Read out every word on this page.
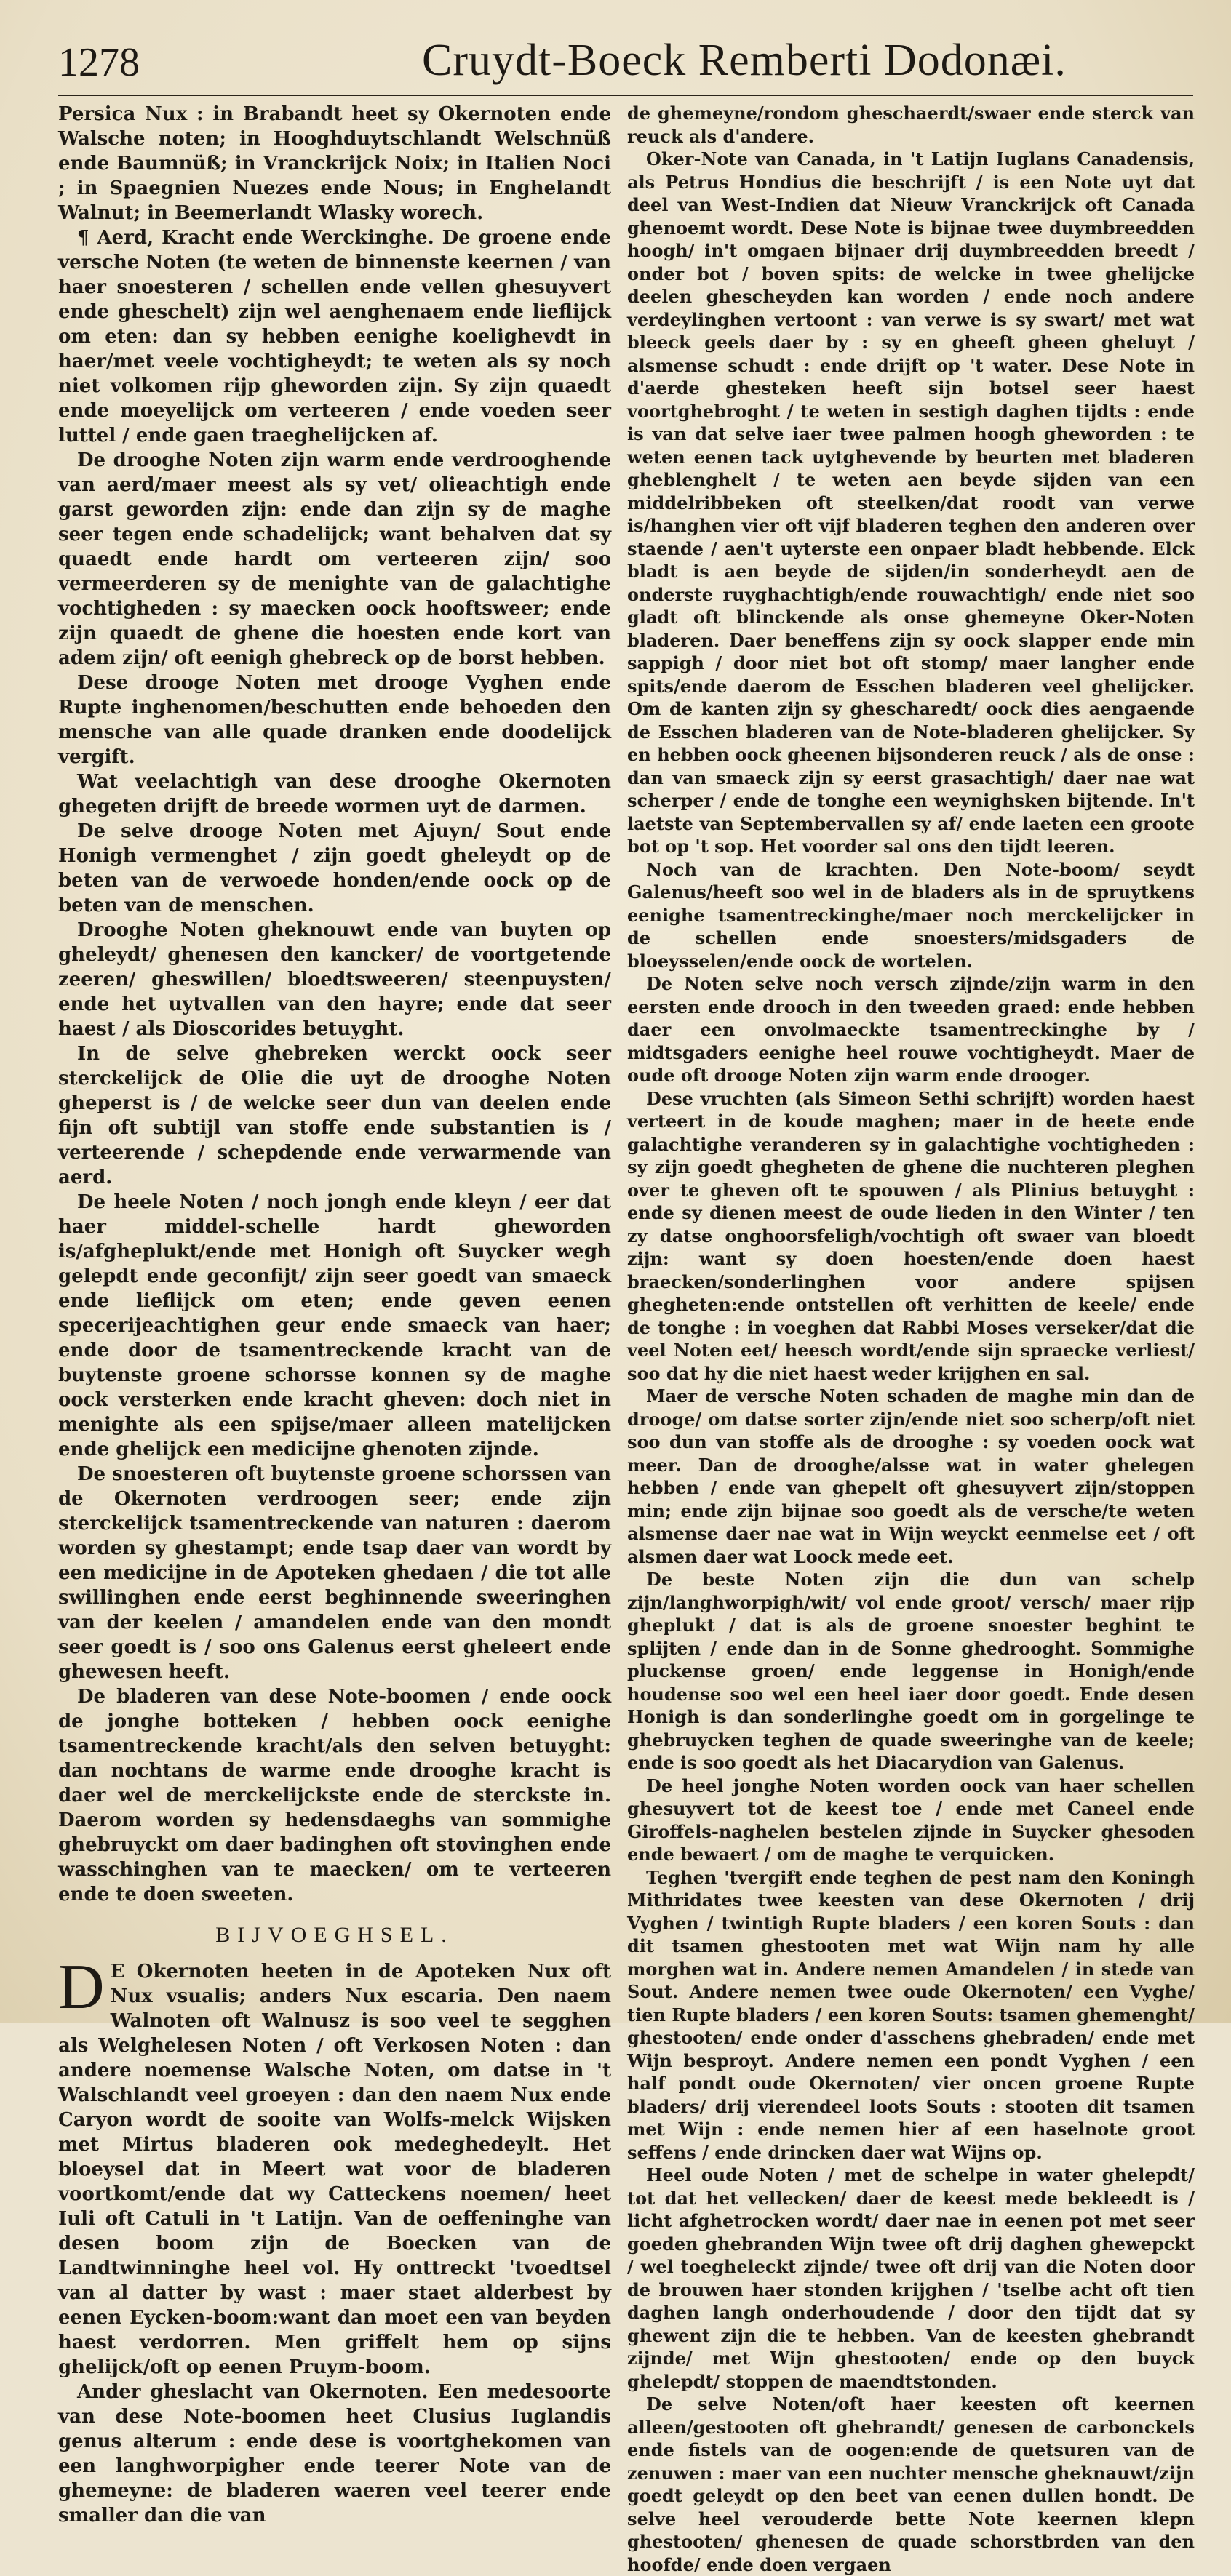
1278	Cruydt-Boeck Remberti Dodonæi.

Persica Nux : in Brabandt heet sy Okernoten ende Walsche noten; in Hooghduytschlandt Welschnüß ende Baumnüß; in Vranckrijck Noix; in Italien Noci ; in Spaegnien Nuezes ende Nous; in Enghelandt Walnut; in Beemerlandt Wlasky worech.

¶ Aerd, Kracht ende Werckinghe. De groene ende versche Noten (te weten de binnenste keernen / van haer snoesteren / schellen ende vellen ghesuyvert ende gheschelt) zijn wel aenghenaem ende lieflijck om eten: dan sy hebben eenighe koelighevdt in haer/met veele vochtigheydt; te weten als sy noch niet volkomen rijp gheworden zijn. Sy zijn quaedt ende moeyelijck om verteeren / ende voeden seer luttel / ende gaen traeghelijcken af.

De drooghe Noten zijn warm ende verdrooghende van aerd/maer meest als sy vet/ olieachtigh ende garst geworden zijn: ende dan zijn sy de maghe seer tegen ende schadelijck; want behalven dat sy quaedt ende hardt om verteeren zijn/ soo vermeerderen sy de menighte van de galachtighe vochtigheden : sy maecken oock hooftsweer; ende zijn quaedt de ghene die hoesten ende kort van adem zijn/ oft eenigh ghebreck op de borst hebben.

Dese drooge Noten met drooge Vyghen ende Rupte inghenomen/beschutten ende behoeden den mensche van alle quade dranken ende doodelijck vergift.

Wat veelachtigh van dese drooghe Okernoten ghegeten drijft de breede wormen uyt de darmen.

De selve drooge Noten met Ajuyn/ Sout ende Honigh vermenghet / zijn goedt gheleydt op de beten van de verwoede honden/ende oock op de beten van de menschen.

Drooghe Noten gheknouwt ende van buyten op gheleydt/ ghenesen den kancker/ de voortgetende zeeren/ gheswillen/ bloedtsweeren/ steenpuysten/ ende het uytvallen van den hayre; ende dat seer haest / als Dioscorides betuyght.

In de selve ghebreken werckt oock seer sterckelijck de Olie die uyt de drooghe Noten gheperst is / de welcke seer dun van deelen ende fijn oft subtijl van stoffe ende substantien is / verteerende / schepdende ende verwarmende van aerd.

De heele Noten / noch jongh ende kleyn / eer dat haer middel-schelle hardt gheworden is/afgheplukt/ende met Honigh oft Suycker wegh gelepdt ende geconfijt/ zijn seer goedt van smaeck ende lieflijck om eten; ende geven eenen specerijeachtighen geur ende smaeck van haer; ende door de tsamentreckende kracht van de buytenste groene schorsse konnen sy de maghe oock versterken ende kracht gheven: doch niet in menighte als een spijse/maer alleen matelijcken ende ghelijck een medicijne ghenoten zijnde.

De snoesteren oft buytenste groene schorssen van de Okernoten verdroogen seer; ende zijn sterckelijck tsamentreckende van naturen : daerom worden sy ghestampt; ende tsap daer van wordt by een medicijne in de Apoteken ghedaen / die tot alle swillinghen ende eerst beghinnende sweeringhen van der keelen / amandelen ende van den mondt seer goedt is / soo ons Galenus eerst gheleert ende ghewesen heeft.

De bladeren van dese Note-boomen / ende oock de jonghe botteken / hebben oock eenighe tsamentreckende kracht/als den selven betuyght: dan nochtans de warme ende drooghe kracht is daer wel de merckelijckste ende de sterckste in. Daerom worden sy hedensdaeghs van sommighe ghebruyckt om daer badinghen oft stovinghen ende wasschinghen van te maecken/ om te verteeren ende te doen sweeten.

BIJVOEGHSEL.

D E Okernoten heeten in de Apoteken Nux oft Nux vsualis; anders Nux escaria. Den naem Walnoten oft Walnusz is soo veel te segghen als Welghelesen Noten / oft Verkosen Noten : dan andere noemense Walsche Noten, om datse in 't Walschlandt veel groeyen : dan den naem Nux ende Caryon wordt de sooite van Wolfs-melck Wijsken met Mirtus bladeren ook medeghedeylt. Het bloeysel dat in Meert wat voor de bladeren voortkomt/ende dat wy Catteckens noemen/ heet Iuli oft Catuli in 't Latijn. Van de oeffeninghe van desen boom zijn de Boecken van de Landtwinninghe heel vol. Hy onttreckt 'tvoedtsel van al datter by wast : maer staet alderbest by eenen Eycken-boom:want dan moet een van beyden haest verdorren. Men griffelt hem op sijns ghelijck/oft op eenen Pruym-boom.

Ander gheslacht van Okernoten. Een medesoorte van dese Note-boomen heet Clusius Iuglandis genus alterum : ende dese is voortghekomen van een langhworpigher ende teerer Note van de ghemeyne: de bladeren waeren veel teerer ende smaller dan die van

de ghemeyne/rondom gheschaerdt/swaer ende sterck van reuck als d'andere.

Oker-Note van Canada, in 't Latijn Iuglans Canadensis, als Petrus Hondius die beschrijft / is een Note uyt dat deel van West-Indien dat Nieuw Vranckrijck oft Canada ghenoemt wordt. Dese Note is bijnae twee duymbreedden hoogh/ in't omgaen bijnaer drij duymbreedden breedt / onder bot / boven spits: de welcke in twee ghelijcke deelen ghescheyden kan worden / ende noch andere verdeylinghen vertoont : van verwe is sy swart/ met wat bleeck geels daer by : sy en gheeft gheen gheluyt / alsmense schudt : ende drijft op 't water. Dese Note in d'aerde ghesteken heeft sijn botsel seer haest voortghebroght / te weten in sestigh daghen tijdts : ende is van dat selve iaer twee palmen hoogh gheworden : te weten eenen tack uytghevende by beurten met bladeren gheblenghelt / te weten aen beyde sijden van een middelribbeken oft steelken/dat roodt van verwe is/hanghen vier oft vijf bladeren teghen den anderen over staende / aen't uyterste een onpaer bladt hebbende. Elck bladt is aen beyde de sijden/in sonderheydt aen de onderste ruyghachtigh/ende rouwachtigh/ ende niet soo gladt oft blinckende als onse ghemeyne Oker-Noten bladeren. Daer beneffens zijn sy oock slapper ende min sappigh / door niet bot oft stomp/ maer langher ende spits/ende daerom de Esschen bladeren veel ghelijcker. Om de kanten zijn sy ghescharedt/ oock dies aengaende de Esschen bladeren van de Note-bladeren ghelijcker. Sy en hebben oock gheenen bijsonderen reuck / als de onse : dan van smaeck zijn sy eerst grasachtigh/ daer nae wat scherper / ende de tonghe een weynighsken bijtende. In't laetste van Septembervallen sy af/ ende laeten een groote bot op 't sop. Het voorder sal ons den tijdt leeren.

Noch van de krachten. Den Note-boom/ seydt Galenus/heeft soo wel in de bladers als in de spruytkens eenighe tsamentreckinghe/maer noch merckelijcker in de schellen ende snoesters/midsgaders de bloeysselen/ende oock de wortelen.

De Noten selve noch versch zijnde/zijn warm in den eersten ende drooch in den tweeden graed: ende hebben daer een onvolmaeckte tsamentreckinghe by / midtsgaders eenighe heel rouwe vochtigheydt. Maer de oude oft drooge Noten zijn warm ende drooger.

Dese vruchten (als Simeon Sethi schrijft) worden haest verteert in de koude maghen; maer in de heete ende galachtighe veranderen sy in galachtighe vochtigheden : sy zijn goedt ghegheten de ghene die nuchteren pleghen over te gheven oft te spouwen / als Plinius betuyght : ende sy dienen meest de oude lieden in den Winter / ten zy datse onghoorsfeligh/vochtigh oft swaer van bloedt zijn: want sy doen hoesten/ende doen haest braecken/sonderlinghen voor andere spijsen ghegheten:ende ontstellen oft verhitten de keele/ ende de tonghe : in voeghen dat Rabbi Moses verseker/dat die veel Noten eet/ heesch wordt/ende sijn spraecke verliest/ soo dat hy die niet haest weder krijghen en sal.

Maer de versche Noten schaden de maghe min dan de drooge/ om datse sorter zijn/ende niet soo scherp/oft niet soo dun van stoffe als de drooghe : sy voeden oock wat meer. Dan de drooghe/alsse wat in water ghelegen hebben / ende van ghepelt oft ghesuyvert zijn/stoppen min; ende zijn bijnae soo goedt als de versche/te weten alsmense daer nae wat in Wijn weyckt eenmelse eet / oft alsmen daer wat Loock mede eet.

De beste Noten zijn die dun van schelp zijn/langhworpigh/wit/ vol ende groot/ versch/ maer rijp gheplukt / dat is als de groene snoester beghint te splijten / ende dan in de Sonne ghedrooght. Sommighe pluckense groen/ ende leggense in Honigh/ende houdense soo wel een heel iaer door goedt. Ende desen Honigh is dan sonderlinghe goedt om in gorgelinge te ghebruycken teghen de quade sweeringhe van de keele; ende is soo goedt als het Diacarydion van Galenus.

De heel jonghe Noten worden oock van haer schellen ghesuyvert tot de keest toe / ende met Caneel ende Giroffels-naghelen bestelen zijnde in Suycker ghesoden ende bewaert / om de maghe te verquicken.

Teghen 'tvergift ende teghen de pest nam den Koningh Mithridates twee keesten van dese Okernoten / drij Vyghen / twintigh Rupte bladers / een koren Souts : dan dit tsamen ghestooten met wat Wijn nam hy alle morghen wat in. Andere nemen Amandelen / in stede van Sout. Andere nemen twee oude Okernoten/ een Vyghe/ tien Rupte bladers / een koren Souts: tsamen ghemenght/ ghestooten/ ende onder d'asschens ghebraden/ ende met Wijn besproyt. Andere nemen een pondt Vyghen / een half pondt oude Okernoten/ vier oncen groene Rupte bladers/ drij vierendeel loots Souts : stooten dit tsamen met Wijn : ende nemen hier af een haselnote groot seffens / ende drincken daer wat Wijns op.

Heel oude Noten / met de schelpe in water ghelepdt/ tot dat het vellecken/ daer de keest mede bekleedt is / licht afghetrocken wordt/ daer nae in eenen pot met seer goeden ghebranden Wijn twee oft drij daghen ghewepckt / wel toegheleckt zijnde/ twee oft drij van die Noten door de brouwen haer stonden krijghen / 'tselbe acht oft tien daghen langh onderhoudende / door den tijdt dat sy ghewent zijn die te hebben. Van de keesten ghebrandt zijnde/ met Wijn ghestooten/ ende op den buyck ghelepdt/ stoppen de maendtstonden.

De selve Noten/oft haer keesten oft keernen alleen/gestooten oft ghebrandt/ genesen de carbonckels ende fistels van de oogen:ende de quetsuren van de zenuwen : maer van een nuchter mensche gheknauwt/zijn goedt geleydt op den beet van eenen dullen hondt. De selve heel verouderde bette Note keernen klepn ghestooten/ ghenesen de quade schorstbrden van den hoofde/ ende doen vergaen
